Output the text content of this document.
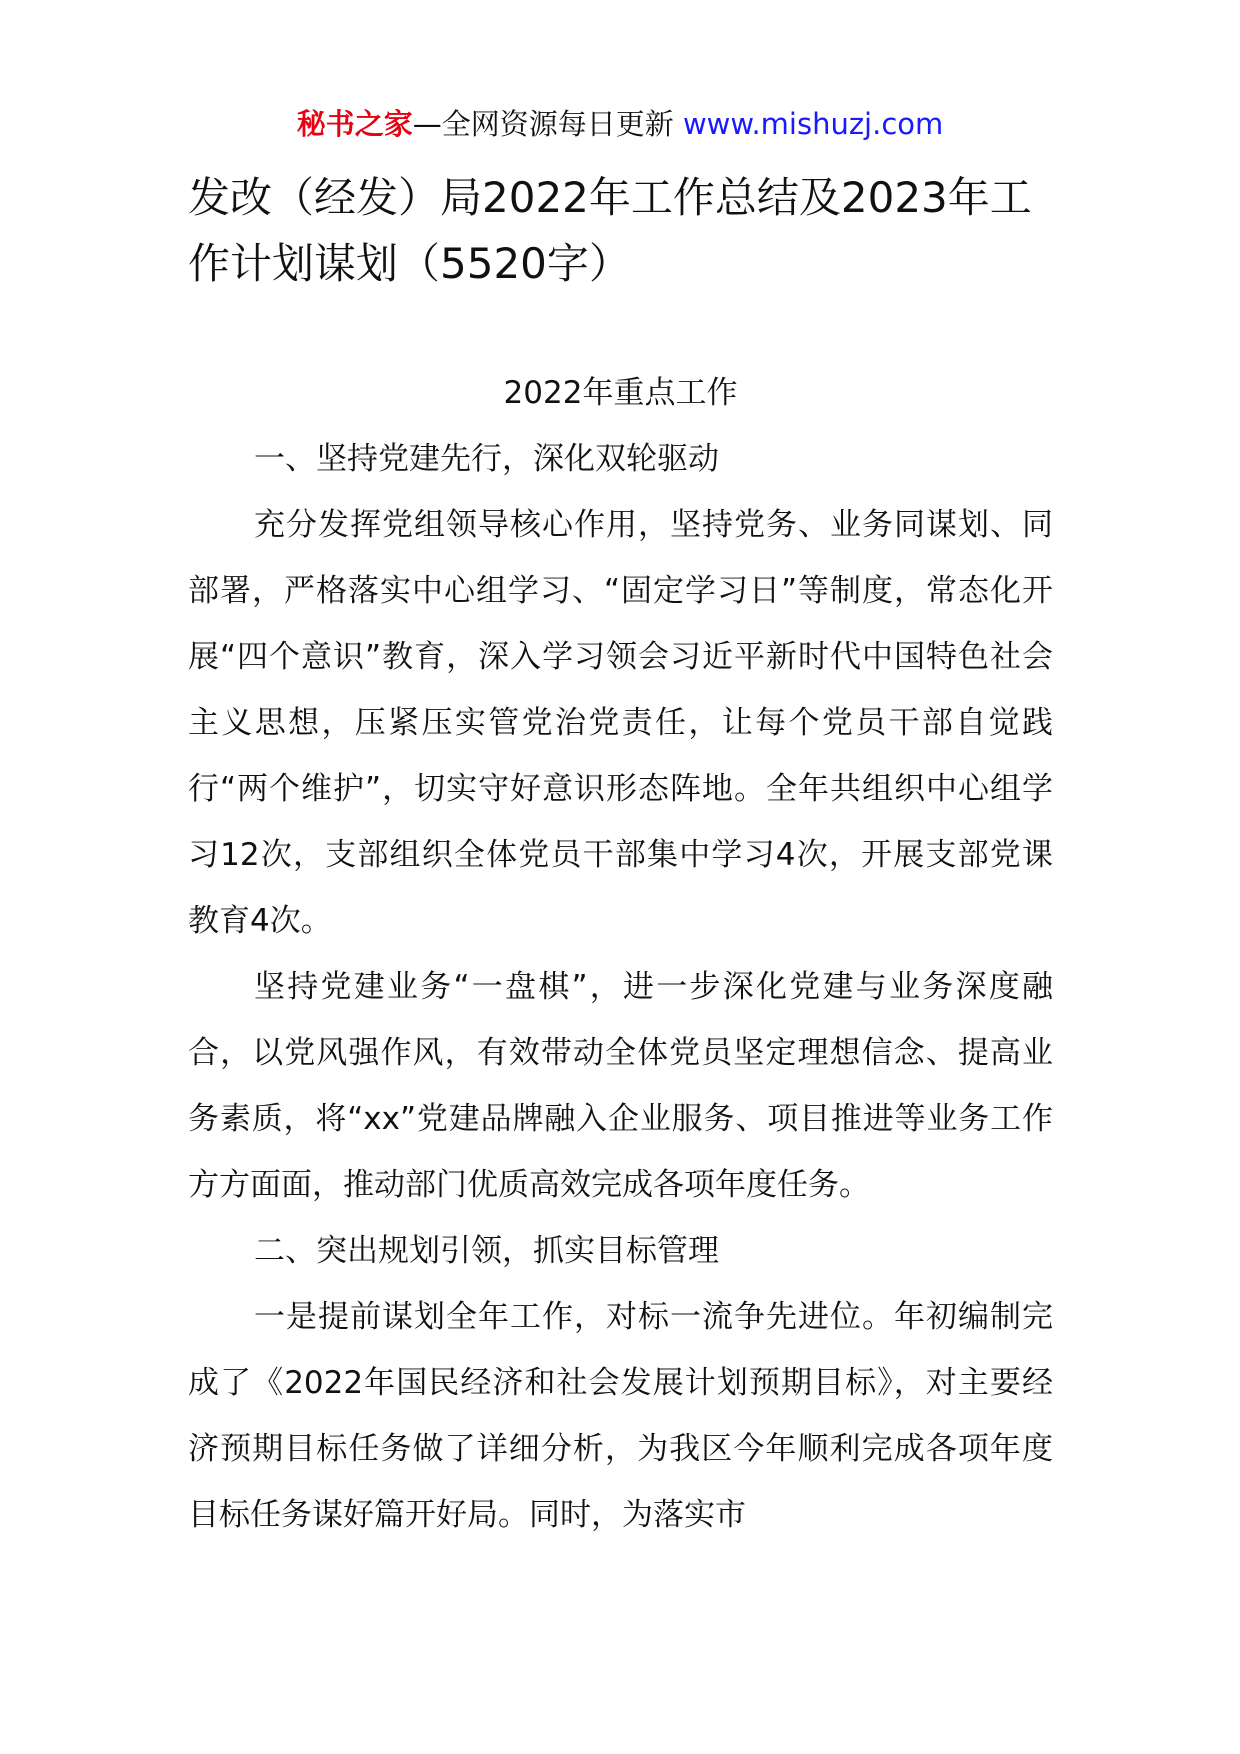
秘书之家—全网资源每日更新 www.mishuzj.com
发改（经发）局2022年工作总结及2023年工作计划谋划（5520字）

2022年重点工作

一、坚持党建先行，深化双轮驱动

充分发挥党组领导核心作用，坚持党务、业务同谋划、同部署，严格落实中心组学习、“固定学习日”等制度，常态化开展“四个意识”教育，深入学习领会习近平新时代中国特色社会主义思想，压紧压实管党治党责任，让每个党员干部自觉践行“两个维护”，切实守好意识形态阵地。全年共组织中心组学习12次，支部组织全体党员干部集中学习4次，开展支部党课教育4次。

坚持党建业务“一盘棋”，进一步深化党建与业务深度融合，以党风强作风，有效带动全体党员坚定理想信念、提高业务素质，将“xx”党建品牌融入企业服务、项目推进等业务工作方方面面，推动部门优质高效完成各项年度任务。

二、突出规划引领，抓实目标管理

一是提前谋划全年工作，对标一流争先进位。年初编制完成了《2022年国民经济和社会发展计划预期目标》，对主要经济预期目标任务做了详细分析，为我区今年顺利完成各项年度目标任务谋好篇开好局。同时，为落实市
